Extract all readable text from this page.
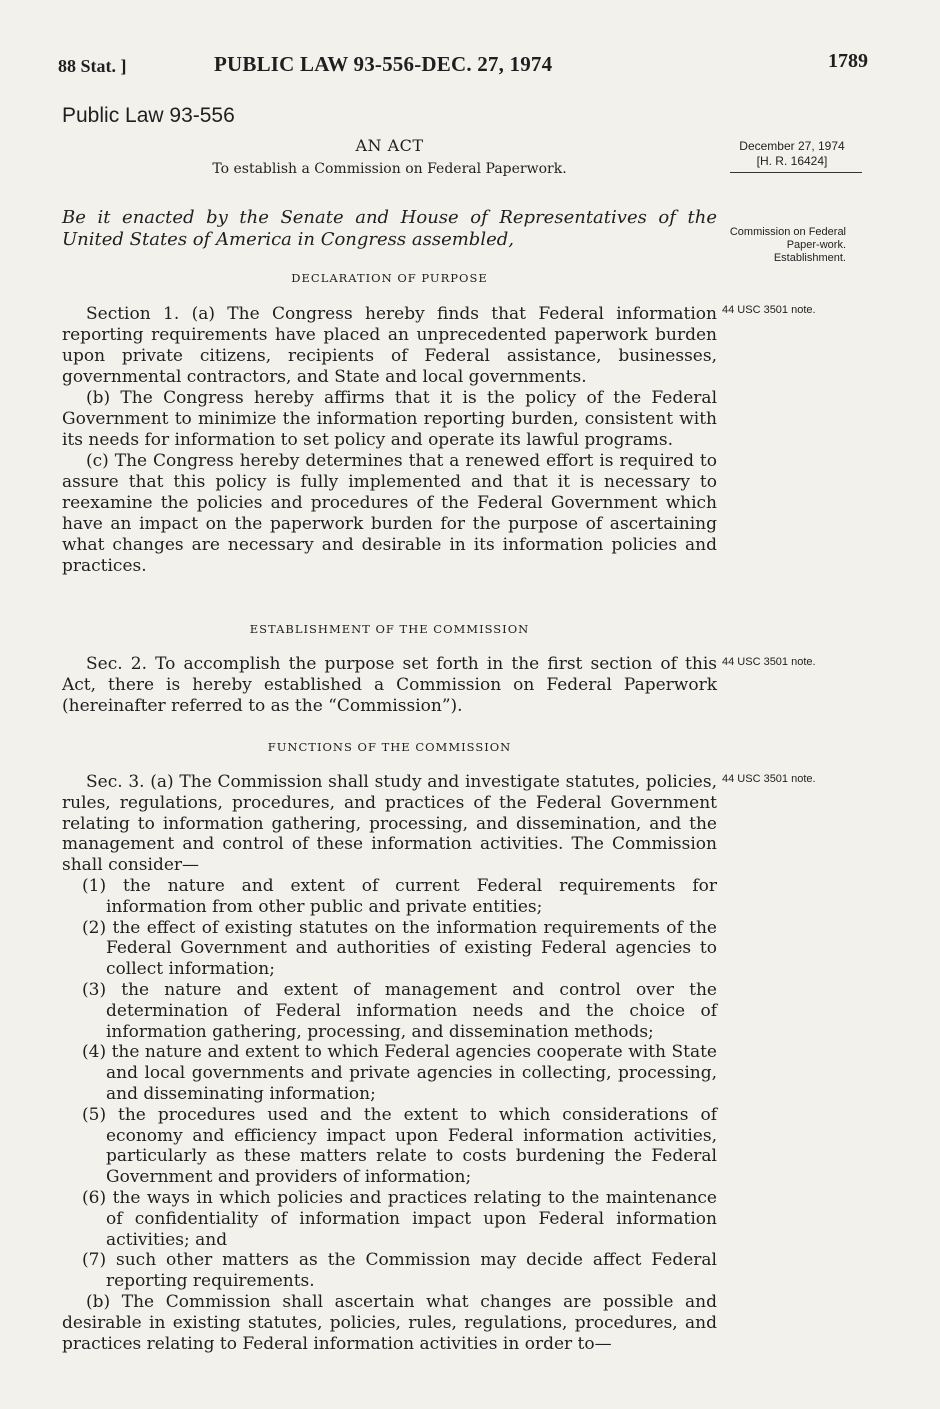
88 Stat. ]	PUBLIC LAW 93-556-DEC. 27, 1974	1789
Public Law 93-556
AN ACT
To establish a Commission on Federal Paperwork.
December 27, 1974
[H. R. 16424]
Be it enacted by the Senate and House of Representatives of the United States of America in Congress assembled,	Commission on Federal Paper-work. Establishment.
DECLARATION OF PURPOSE

Section 1. (a) The Congress hereby finds that Federal information reporting requirements have placed an unprecedented paperwork burden upon private citizens, recipients of Federal assistance, businesses, governmental contractors, and State and local governments.

(b) The Congress hereby affirms that it is the policy of the Federal Government to minimize the information reporting burden, consistent with its needs for information to set policy and operate its lawful programs.

(c) The Congress hereby determines that a renewed effort is required to assure that this policy is fully implemented and that it is necessary to reexamine the policies and procedures of the Federal Government which have an impact on the paperwork burden for the purpose of ascertaining what changes are necessary and desirable in its information policies and practices.

44 USC 3501 note.
ESTABLISHMENT OF THE COMMISSION

Sec. 2. To accomplish the purpose set forth in the first section of this Act, there is hereby established a Commission on Federal Paperwork (hereinafter referred to as the “Commission”).

44 USC 3501 note.
FUNCTIONS OF THE COMMISSION

Sec. 3. (a) The Commission shall study and investigate statutes, policies, rules, regulations, procedures, and practices of the Federal Government relating to information gathering, processing, and dissemination, and the management and control of these information activities. The Commission shall consider—

(1) the nature and extent of current Federal requirements for information from other public and private entities;

(2) the effect of existing statutes on the information requirements of the Federal Government and authorities of existing Federal agencies to collect information;

(3) the nature and extent of management and control over the determination of Federal information needs and the choice of information gathering, processing, and dissemination methods;

(4) the nature and extent to which Federal agencies cooperate with State and local governments and private agencies in collecting, processing, and disseminating information;

(5) the procedures used and the extent to which considerations of economy and efficiency impact upon Federal information activities, particularly as these matters relate to costs burdening the Federal Government and providers of information;

(6) the ways in which policies and practices relating to the maintenance of confidentiality of information impact upon Federal information activities; and

(7) such other matters as the Commission may decide affect Federal reporting requirements.

(b) The Commission shall ascertain what changes are possible and desirable in existing statutes, policies, rules, regulations, procedures, and practices relating to Federal information activities in order to—

44 USC 3501 note.
